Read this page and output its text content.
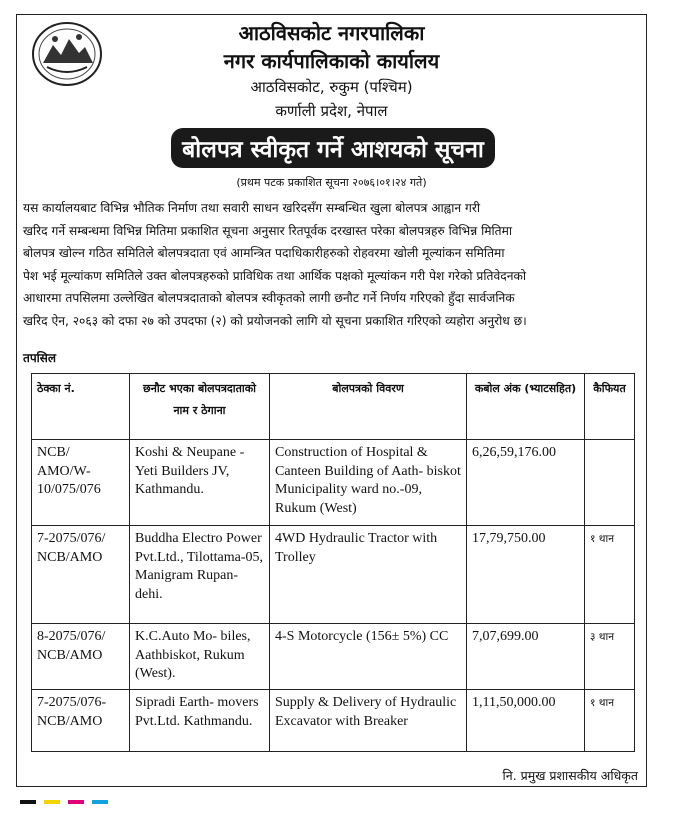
आठविसकोट नगरपालिका
नगर कार्यपालिकाको कार्यालय
आठविसकोट, रुकुम (पश्चिम)
कर्णाली प्रदेश, नेपाल
बोलपत्र स्वीकृत गर्ने आशयको सूचना
(प्रथम पटक प्रकाशित सूचना २०७६।०१।२४ गते)
यस कार्यालयबाट विभिन्न भौतिक निर्माण तथा सवारी साधन खरिदसँग सम्बन्धित खुला बोलपत्र आह्वान गरी
खरिद गर्ने सम्बन्धमा विभिन्न मितिमा प्रकाशित सूचना अनुसार रितपूर्वक दरखास्त परेका बोलपत्रहरु विभिन्न मितिमा
बोलपत्र खोल्न गठित समितिले बोलपत्रदाता एवं आमन्त्रित पदाधिकारीहरुको रोहवरमा खोली मूल्यांकन समितिमा
पेश भई मूल्यांकण समितिले उक्त बोलपत्रहरुको प्राविधिक तथा आर्थिक पक्षको मूल्यांकन गरी पेश गरेको प्रतिवेदनको
आधारमा तपसिलमा उल्लेखित बोलपत्रदाताको बोलपत्र स्वीकृतको लागी छनौट गर्ने निर्णय गरिएको हुँदा सार्वजनिक
खरिद ऐन, २०६३ को दफा २७ को उपदफा (२) को प्रयोजनको लागि यो सूचना प्रकाशित गरिएको व्यहोरा अनुरोध छ।
तपसिल
ठेक्का नं.	छनौट भएका बोलपत्रदाताको नाम र ठेगाना	बोलपत्रको विवरण	कबोल अंक (भ्याटसहित)	कैफियत
NCB/ AMO/W- 10/075/076	Koshi & Neupane - Yeti Builders JV, Kathmandu.	Construction of Hospital & Canteen Building of Aath- biskot Municipality ward no.-09, Rukum (West)	6,26,59,176.00	
7-2075/076/ NCB/AMO	Buddha Electro Power Pvt.Ltd., Tilottama-05, Manigram Rupan- dehi.	4WD Hydraulic Tractor with Trolley	17,79,750.00	१ थान
8-2075/076/ NCB/AMO	K.C.Auto Mo- biles, Aathbiskot, Rukum (West).	4-S Motorcycle (156± 5%) CC	7,07,699.00	३ थान
7-2075/076- NCB/AMO	Sipradi Earth- movers Pvt.Ltd. Kathmandu.	Supply & Delivery of Hydraulic Excavator with Breaker	1,11,50,000.00	१ थान
नि. प्रमुख प्रशासकीय अधिकृत
